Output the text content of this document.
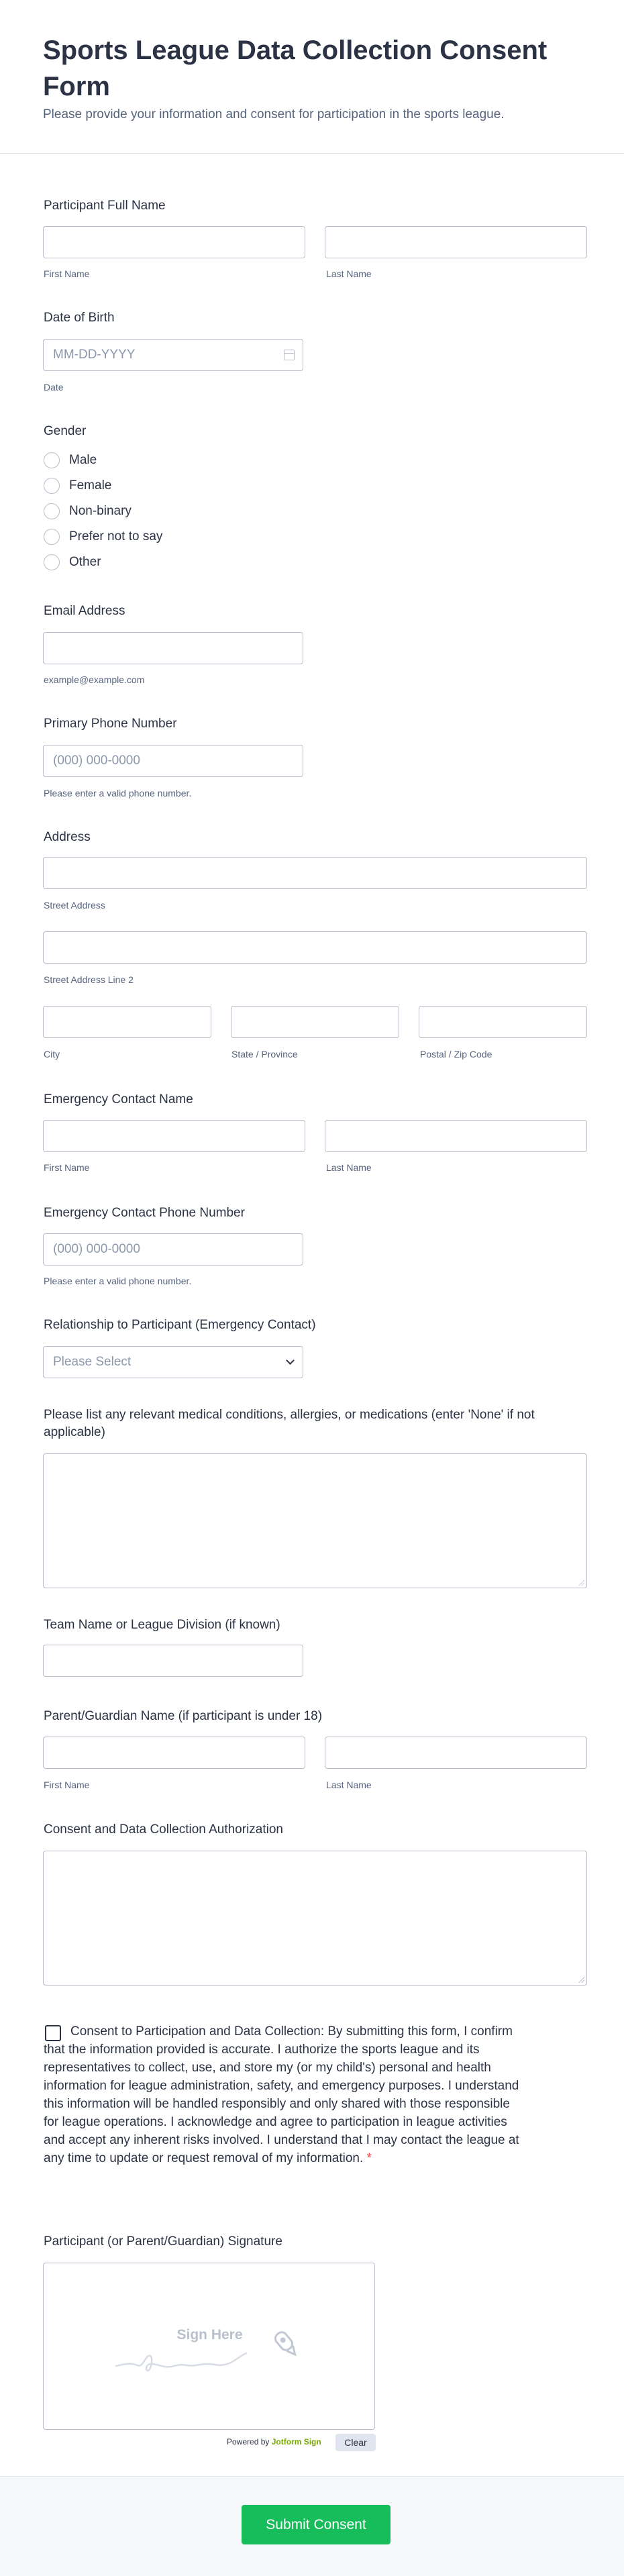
Sports League Data Collection Consent Form
Please provide your information and consent for participation in the sports league.
Participant Full Name
First Name	Last Name
Date of Birth
MM-DD-YYYY
Date
Gender
Male
Female
Non-binary
Prefer not to say
Other
Email Address
example@example.com
Primary Phone Number
(000) 000-0000
Please enter a valid phone number.
Address
Street Address
Street Address Line 2
City	State / Province	Postal / Zip Code
Emergency Contact Name
First Name	Last Name
Emergency Contact Phone Number
(000) 000-0000
Please enter a valid phone number.
Relationship to Participant (Emergency Contact)
Please Select
Please list any relevant medical conditions, allergies, or medications (enter 'None' if not applicable)
Team Name or League Division (if known)
Parent/Guardian Name (if participant is under 18)
First Name	Last Name
Consent and Data Collection Authorization
Consent to Participation and Data Collection: By submitting this form, I confirm that the information provided is accurate. I authorize the sports league and its representatives to collect, use, and store my (or my child's) personal and health information for league administration, safety, and emergency purposes. I understand this information will be handled responsibly and only shared with those responsible for league operations. I acknowledge and agree to participation in league activities and accept any inherent risks involved. I understand that I may contact the league at any time to update or request removal of my information. *
Participant (or Parent/Guardian) Signature
Sign Here
Powered by Jotform Sign	Clear
Submit Consent
